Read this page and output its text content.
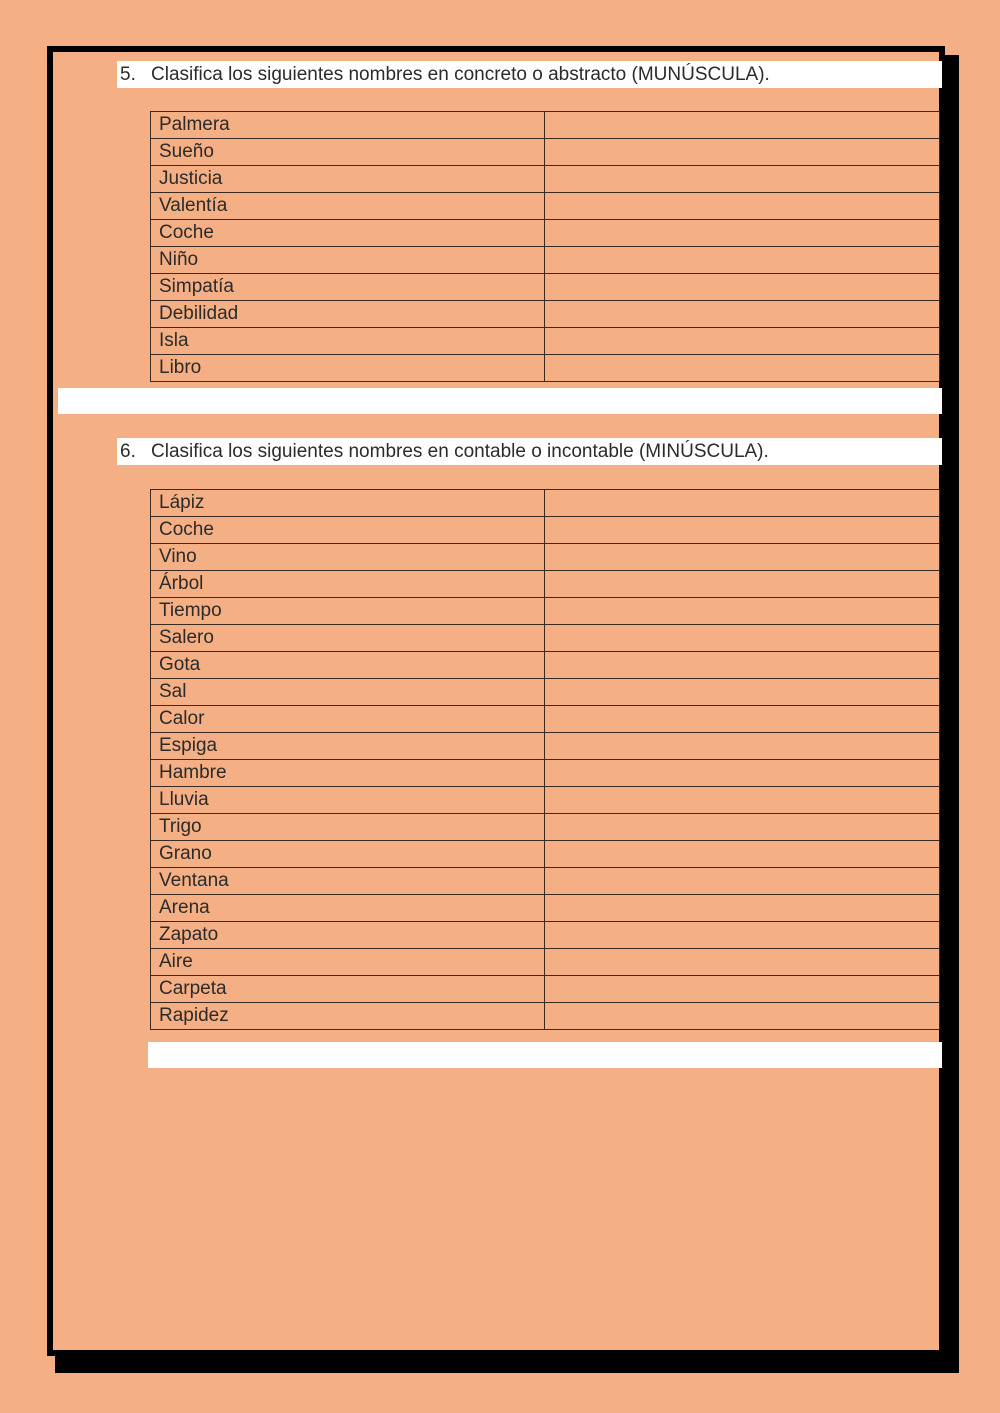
5. Clasifica los siguientes nombres en concreto o abstracto (MUNÚSCULA).
Palmera	
Sueño	
Justicia	
Valentía	
Coche	
Niño	
Simpatía	
Debilidad	
Isla	
Libro	
6. Clasifica los siguientes nombres en contable o incontable (MINÚSCULA).
Lápiz	
Coche	
Vino	
Árbol	
Tiempo	
Salero	
Gota	
Sal	
Calor	
Espiga	
Hambre	
Lluvia	
Trigo	
Grano	
Ventana	
Arena	
Zapato	
Aire	
Carpeta	
Rapidez	
